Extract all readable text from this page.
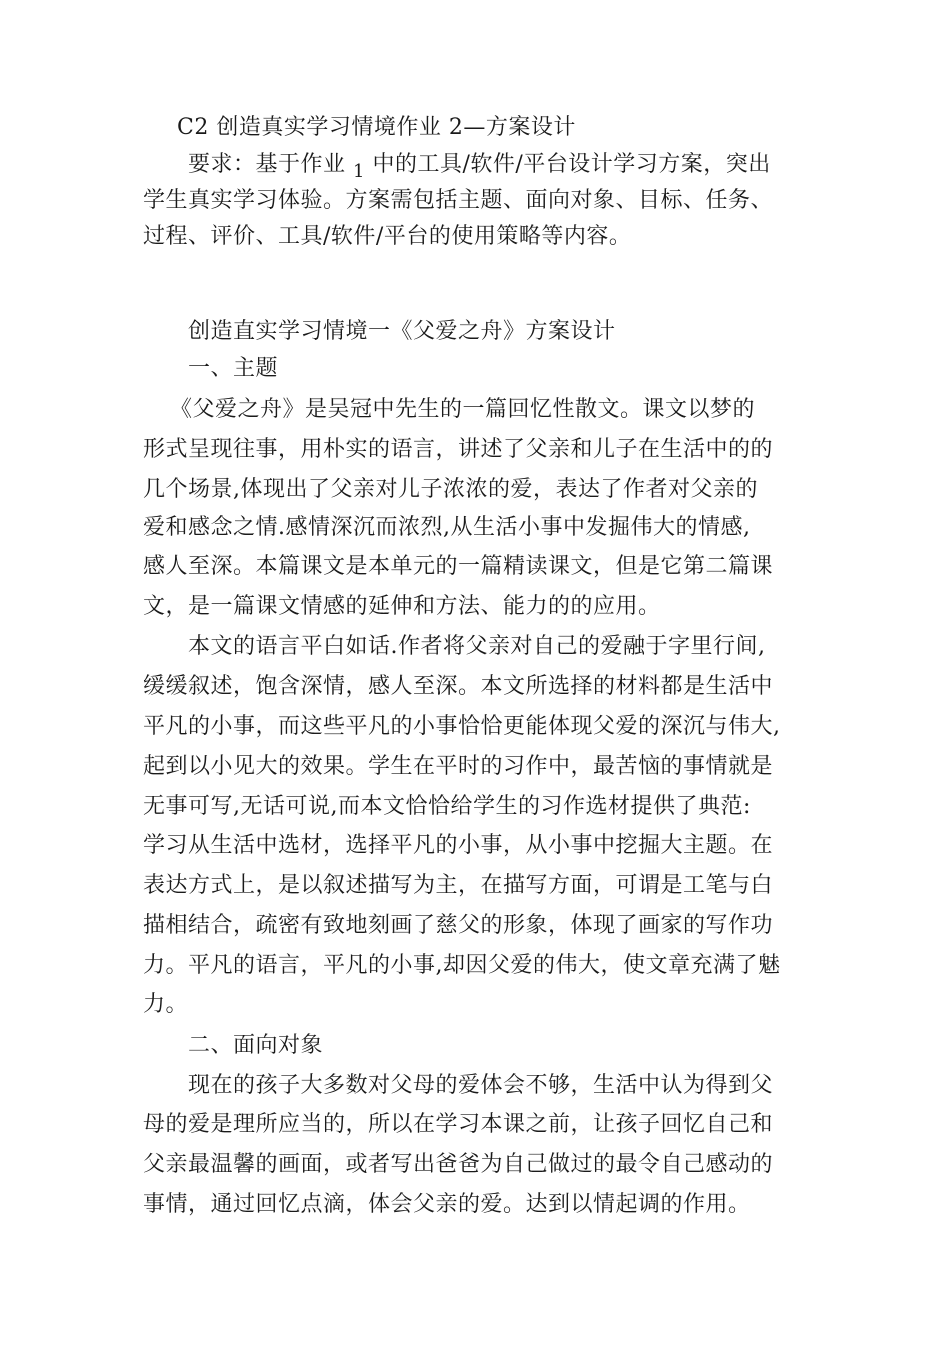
C2 创造真实学习情境作业 2—方案设计
要求：基于作业 $_1$ 中的工具/软件/平台设计学习方案，突出
学生真实学习体验。方案需包括主题、面向对象、目标、任务、
过程、评价、工具/软件/平台的使用策略等内容。
创造直实学习情境一《父爱之舟》方案设计
一、主题
《父爱之舟》是吴冠中先生的一篇回忆性散文。课文以梦的
形式呈现往事，用朴实的语言，讲述了父亲和儿子在生活中的的
几个场景,体现出了父亲对儿子浓浓的爱，表达了作者对父亲的
爱和感念之情.感情深沉而浓烈,从生活小事中发掘伟大的情感,
感人至深。本篇课文是本单元的一篇精读课文，但是它第二篇课
文，是一篇课文情感的延伸和方法、能力的的应用。
本文的语言平白如话.作者将父亲对自己的爱融于字里行间,
缓缓叙述，饱含深情，感人至深。本文所选择的材料都是生活中
平凡的小事，而这些平凡的小事恰恰更能体现父爱的深沉与伟大,
起到以小见大的效果。学生在平时的习作中，最苦恼的事情就是
无事可写,无话可说,而本文恰恰给学生的习作选材提供了典范:
学习从生活中选材，选择平凡的小事，从小事中挖掘大主题。在
表达方式上，是以叙述描写为主，在描写方面，可谓是工笔与白
描相结合，疏密有致地刻画了慈父的形象，体现了画家的写作功
力。平凡的语言，平凡的小事,却因父爱的伟大，使文章充满了魅
力。
二、面向对象
现在的孩子大多数对父母的爱体会不够，生活中认为得到父
母的爱是理所应当的，所以在学习本课之前，让孩子回忆自己和
父亲最温馨的画面，或者写出爸爸为自己做过的最令自己感动的
事情，通过回忆点滴，体会父亲的爱。达到以情起调的作用。
